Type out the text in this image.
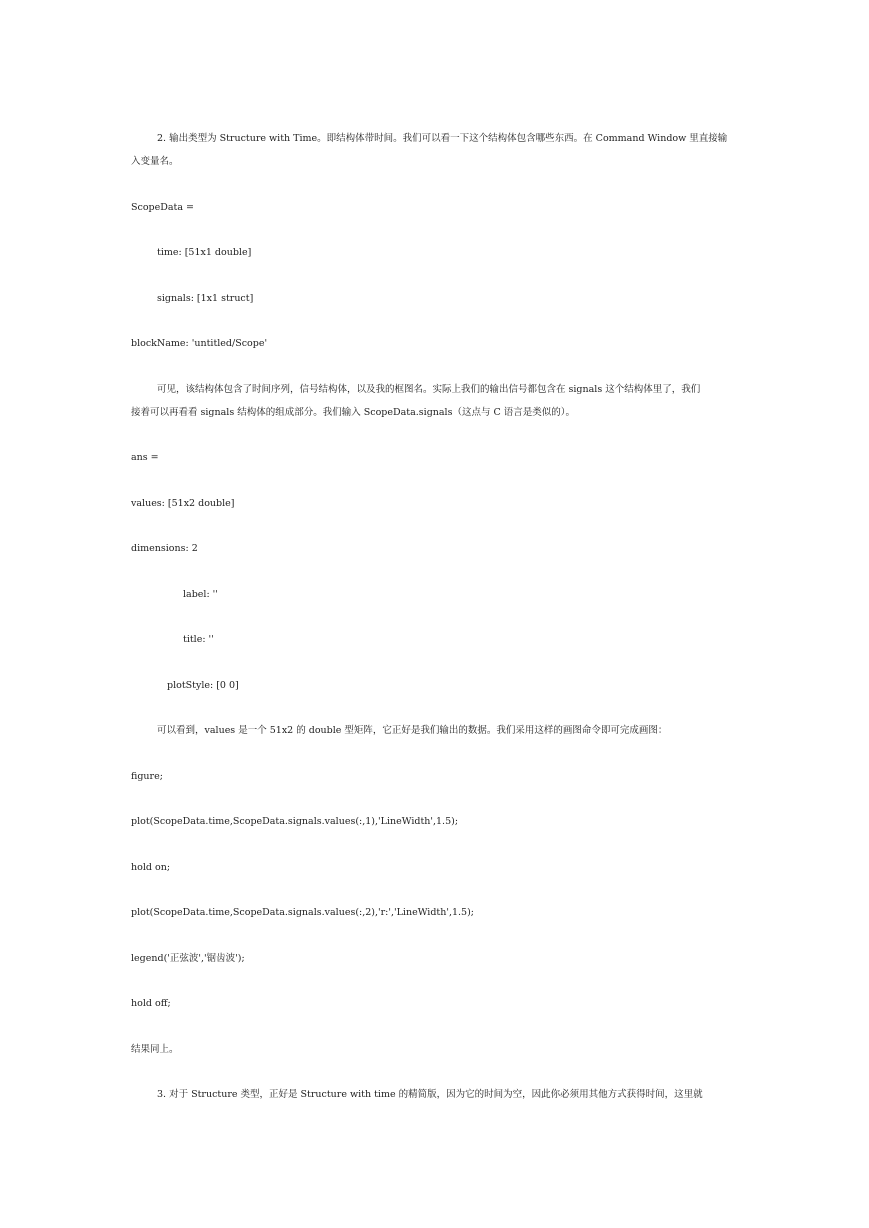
2. 输出类型为 Structure with Time。即结构体带时间。我们可以看一下这个结构体包含哪些东西。在 Command Window 里直接输
入变量名。
ScopeData =
time: [51x1 double]
signals: [1x1 struct]
blockName: 'untitled/Scope'
可见，该结构体包含了时间序列，信号结构体，以及我的框图名。实际上我们的输出信号都包含在 signals 这个结构体里了，我们
接着可以再看看 signals 结构体的组成部分。我们输入 ScopeData.signals（这点与 C 语言是类似的）。
ans =
values: [51x2 double]
dimensions: 2
label: ''
title: ''
plotStyle: [0 0]
可以看到，values 是一个 51x2 的 double 型矩阵，它正好是我们输出的数据。我们采用这样的画图命令即可完成画图：
figure;
plot(ScopeData.time,ScopeData.signals.values(:,1),'LineWidth',1.5);
hold on;
plot(ScopeData.time,ScopeData.signals.values(:,2),'r:','LineWidth',1.5);
legend('正弦波','锯齿波');
hold off;
结果同上。
3. 对于 Structure 类型，正好是 Structure with time 的精简版，因为它的时间为空，因此你必须用其他方式获得时间，这里就
